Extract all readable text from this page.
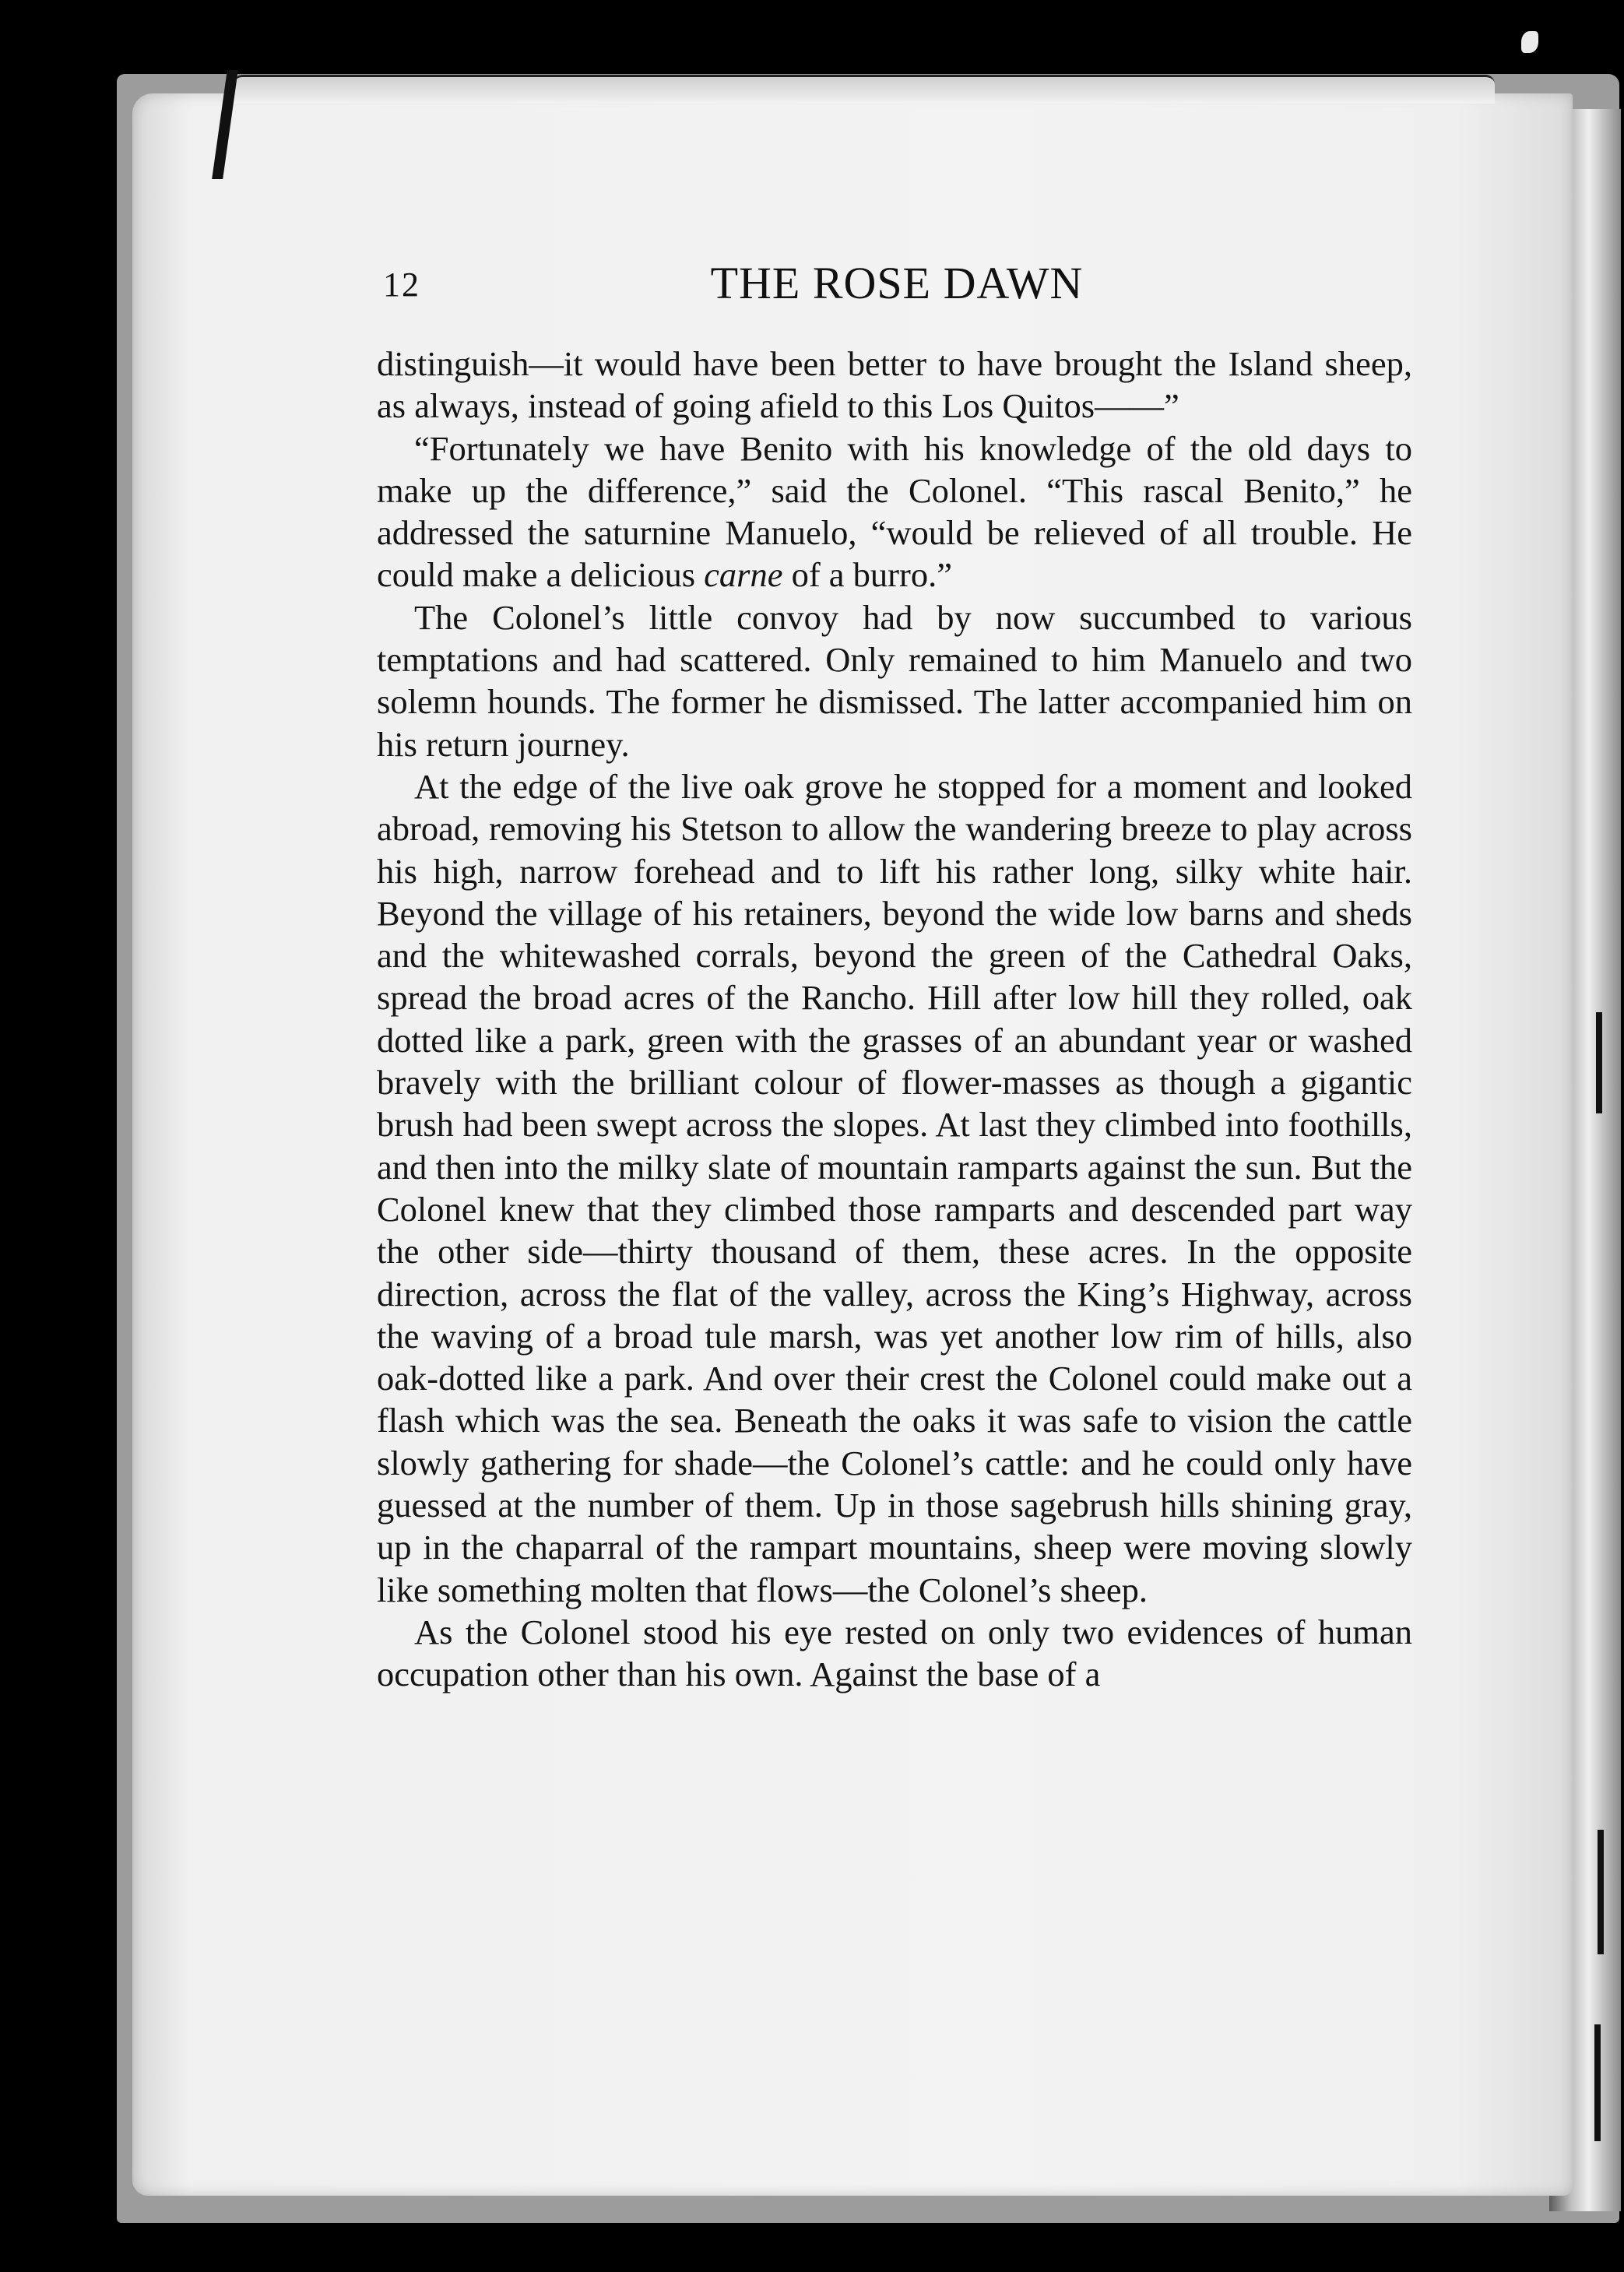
12	THE ROSE DAWN

distinguish—it would have been better to have brought the Island sheep, as always, instead of going afield to this Los Quitos——”

“Fortunately we have Benito with his knowledge of the old days to make up the difference,” said the Colonel. “This rascal Benito,” he addressed the saturnine Manuelo, “would be relieved of all trouble. He could make a delicious carne of a burro.”

The Colonel’s little convoy had by now succumbed to various temptations and had scattered. Only remained to him Manuelo and two solemn hounds. The former he dismissed. The latter accompanied him on his return journey.

At the edge of the live oak grove he stopped for a moment and looked abroad, removing his Stetson to allow the wandering breeze to play across his high, narrow forehead and to lift his rather long, silky white hair. Beyond the village of his retainers, beyond the wide low barns and sheds and the whitewashed corrals, beyond the green of the Cathedral Oaks, spread the broad acres of the Rancho. Hill after low hill they rolled, oak dotted like a park, green with the grasses of an abundant year or washed bravely with the brilliant colour of flower-masses as though a gigantic brush had been swept across the slopes. At last they climbed into foothills, and then into the milky slate of mountain ramparts against the sun. But the Colonel knew that they climbed those ramparts and descended part way the other side—thirty thousand of them, these acres. In the opposite direction, across the flat of the valley, across the King’s Highway, across the waving of a broad tule marsh, was yet another low rim of hills, also oak-dotted like a park. And over their crest the Colonel could make out a flash which was the sea. Beneath the oaks it was safe to vision the cattle slowly gathering for shade—the Colonel’s cattle: and he could only have guessed at the number of them. Up in those sagebrush hills shining gray, up in the chaparral of the rampart mountains, sheep were moving slowly like something molten that flows—the Colonel’s sheep.

As the Colonel stood his eye rested on only two evidences of human occupation other than his own. Against the base of a
